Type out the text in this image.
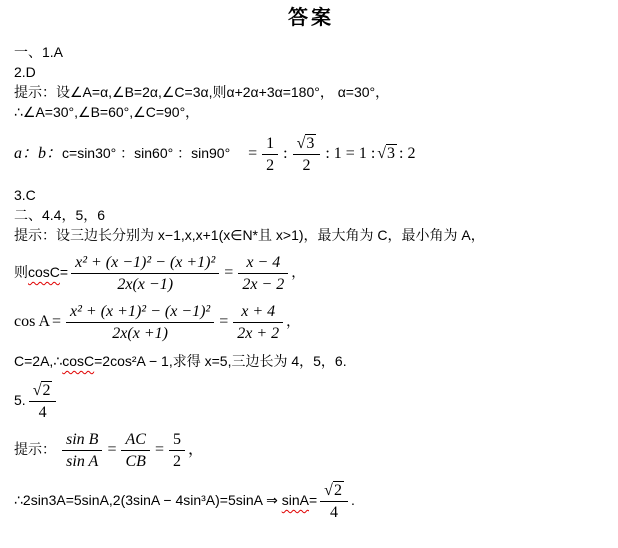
答案
一、1.A
2.D
提示：设∠A=α,∠B=2α,∠C=3α,则α+2α+3α=180°， α=30°，
∴∠A=30°,∠B=60°,∠C=90°，
a：b：c=sin30° ：sin60° ：$\sin 90^\circ = \frac{1}{2}$ : $\frac{√3}{2}$ : 1 = 1 : √3 : 2
3.C
二、4.4，5，6
提示：设三边长分别为 x−1,x,x+1(x∈N*且 x>1)，最大角为 C，最小角为 A，
则$\cos C= \frac{\text{x² + (x −1)² − (x +1)²}}{2x(x -1)} = \frac{x - 4}{2x - 2}$ ，
$\cos A = \frac{\text{x² + (x +1)² − (x −1)²}}{2x(x +1)} = \frac{x + 4}{2x + 2}$ ，
C=2A,∴cosC=2cos²A − 1,求得 x=5,三边长为 4，5，6.
5. $\frac{√2}{4}$
提示： $\frac{\text{sin B}}{\text{sin A}} = \frac{AC}{CB} = \frac{5}{2}$ ，
∴2sin3A=5sinA,2(3sinA − 4sin³A)=5sinA ⇒ $\sin A= \frac{√2}{4}$ .
